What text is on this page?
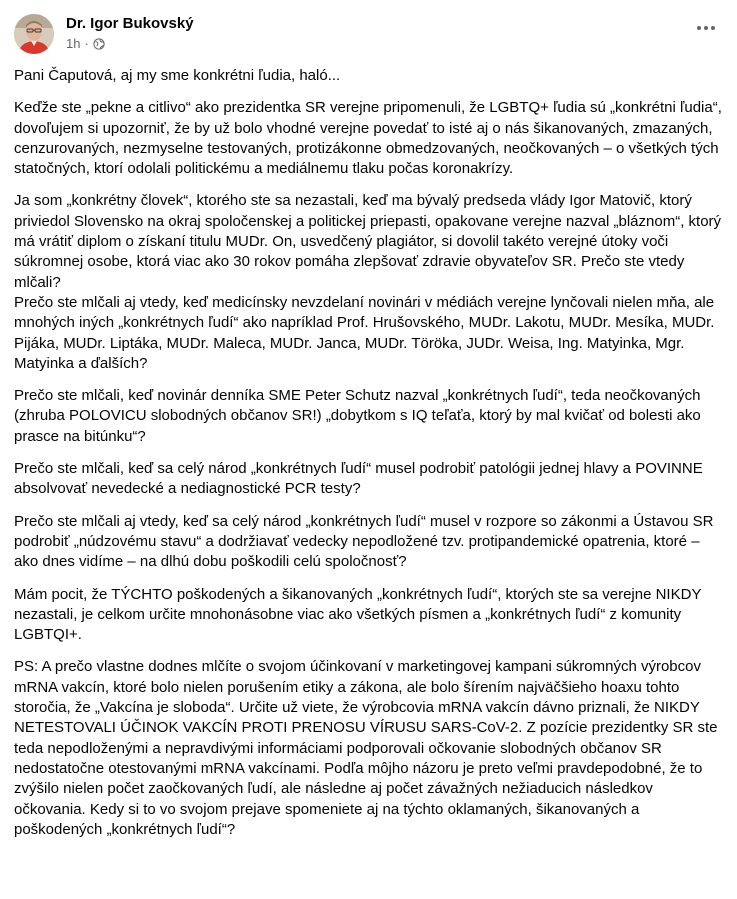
Dr. Igor Bukovský
1h ·

Pani Čaputová, aj my sme konkrétni ľudia, haló...

Keďže ste „pekne a citlivo“ ako prezidentka SR verejne pripomenuli, že LGBTQ+ ľudia sú „konkrétni ľudia“, dovoľujem si upozorniť, že by už bolo vhodné verejne povedať to isté aj o nás šikanovaných, zmazaných, cenzurovaných, nezmyselne testovaných, protizákonne obmedzovaných, neočkovaných – o všetkých tých statočných, ktorí odolali politickému a mediálnemu tlaku počas koronakrízy.

Ja som „konkrétny človek“, ktorého ste sa nezastali, keď ma bývalý predseda vlády Igor Matovič, ktorý priviedol Slovensko na okraj spoločenskej a politickej priepasti, opakovane verejne nazval „bláznom“, ktorý má vrátiť diplom o získaní titulu MUDr. On, usvedčený plagiátor, si dovolil takéto verejné útoky voči súkromnej osobe, ktorá viac ako 30 rokov pomáha zlepšovať zdravie obyvateľov SR. Prečo ste vtedy mlčali?

Prečo ste mlčali aj vtedy, keď medicínsky nevzdelaní novinári v médiách verejne lynčovali nielen mňa, ale mnohých iných „konkrétnych ľudí“ ako napríklad Prof. Hrušovského, MUDr. Lakotu, MUDr. Mesíka, MUDr. Pijáka, MUDr. Liptáka, MUDr. Maleca, MUDr. Janca, MUDr. Töröka, JUDr. Weisa, Ing. Matyinka, Mgr. Matyinka a ďalších?

Prečo ste mlčali, keď novinár denníka SME Peter Schutz nazval „konkrétnych ľudí“, teda neočkovaných (zhruba POLOVICU slobodných občanov SR!) „dobytkom s IQ teľaťa, ktorý by mal kvičať od bolesti ako prasce na bitúnku“?

Prečo ste mlčali, keď sa celý národ „konkrétnych ľudí“ musel podrobiť patológii jednej hlavy a POVINNE absolvovať nevedecké a nediagnostické PCR testy?

Prečo ste mlčali aj vtedy, keď sa celý národ „konkrétnych ľudí“ musel v rozpore so zákonmi a Ústavou SR podrobiť „núdzovému stavu“ a dodržiavať vedecky nepodložené tzv. protipandemické opatrenia, ktoré – ako dnes vidíme – na dlhú dobu poškodili celú spoločnosť?

Mám pocit, že TÝCHTO poškodených a šikanovaných „konkrétnych ľudí“, ktorých ste sa verejne NIKDY nezastali, je celkom určite mnohonásobne viac ako všetkých písmen a „konkrétnych ľudí“ z komunity LGBTQI+.

PS: A prečo vlastne dodnes mlčíte o svojom účinkovaní v marketingovej kampani súkromných výrobcov mRNA vakcín, ktoré bolo nielen porušením etiky a zákona, ale bolo šírením najväčšieho hoaxu tohto storočia, že „Vakcína je sloboda“. Určite už viete, že výrobcovia mRNA vakcín dávno priznali, že NIKDY NETESTOVALI ÚČINOK VAKCÍN PROTI PRENOSU VÍRUSU SARS-CoV-2. Z pozície prezidentky SR ste teda nepodloženými a nepravdivými informáciami podporovali očkovanie slobodných občanov SR nedostatočne otestovanými mRNA vakcínami. Podľa môjho názoru je preto veľmi pravdepodobné, že to zvýšilo nielen počet zaočkovaných ľudí, ale následne aj počet závažných nežiaducich následkov očkovania. Kedy si to vo svojom prejave spomeniete aj na týchto oklamaných, šikanovaných a poškodených „konkrétnych ľudí“?
